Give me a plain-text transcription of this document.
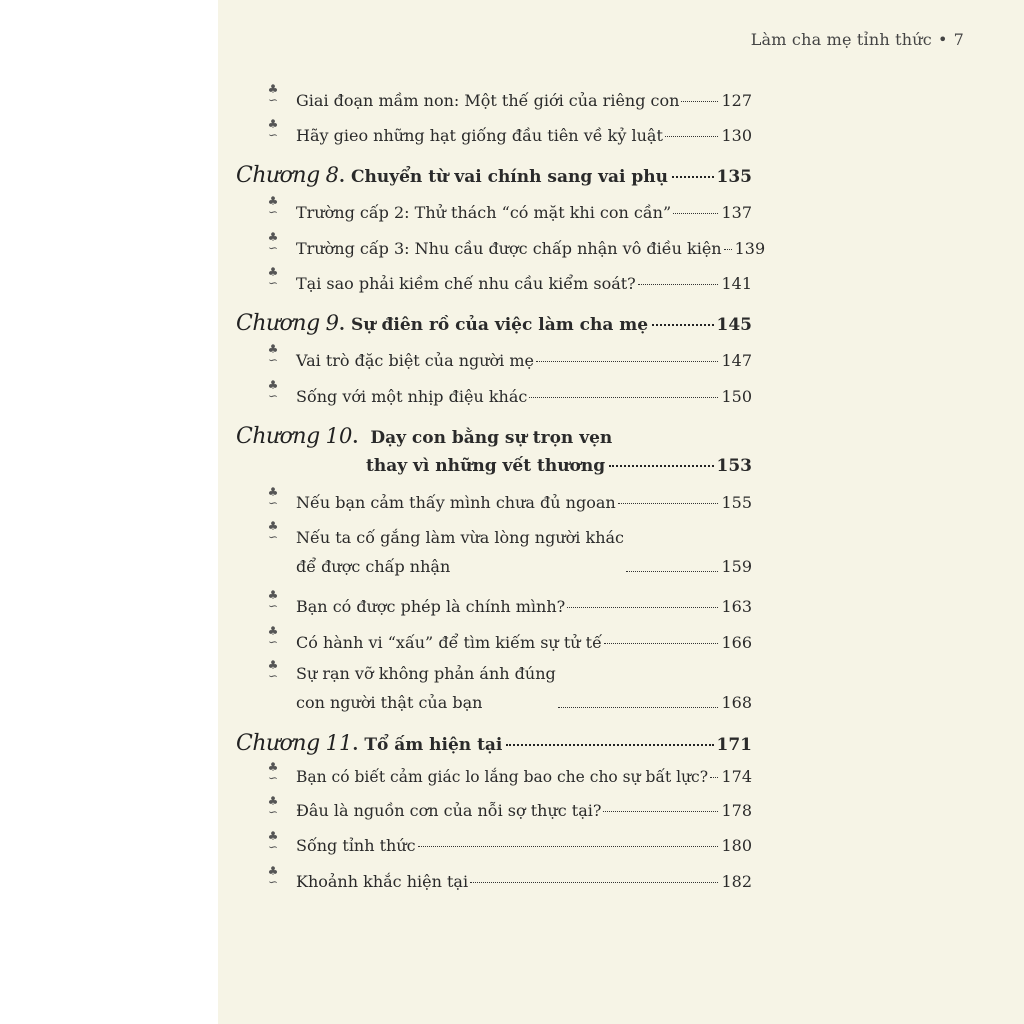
Làm cha mẹ tỉnh thức • 7
♣
∽ Giai đoạn mầm non: Một thế giới của riêng con	127
♣
∽ Hãy gieo những hạt giống đầu tiên về kỷ luật	130
Chương 8 . Chuyển từ vai chính sang vai phụ	135
♣
∽ Trường cấp 2: Thử thách “có mặt khi con cần”	137
♣
∽ Trường cấp 3: Nhu cầu được chấp nhận vô điều kiện 139
♣
∽ Tại sao phải kiềm chế nhu cầu kiểm soát?	141
Chương 9 . Sự điên rồ của việc làm cha mẹ	145
♣
∽ Vai trò đặc biệt của người mẹ	147
♣
∽ Sống với một nhịp điệu khác	150
Chương 10 . Dạy con bằng sự trọn vẹn
thay vì những vết thương	153
♣
∽ Nếu bạn cảm thấy mình chưa đủ ngoan	155
♣
∽ Nếu ta cố gắng làm vừa lòng người khác
để được chấp nhận	159
♣
∽ Bạn có được phép là chính mình?	163
♣
∽ Có hành vi “xấu” để tìm kiếm sự tử tế	166
♣
∽ Sự rạn vỡ không phản ánh đúng
con người thật của bạn	168
Chương 11 . Tổ ấm hiện tại	171
♣
∽ Bạn có biết cảm giác lo lắng bao che cho sự bất lực? 174
♣
∽ Đâu là nguồn cơn của nỗi sợ thực tại?	178
♣
∽ Sống tỉnh thức	180
♣
∽ Khoảnh khắc hiện tại	182
